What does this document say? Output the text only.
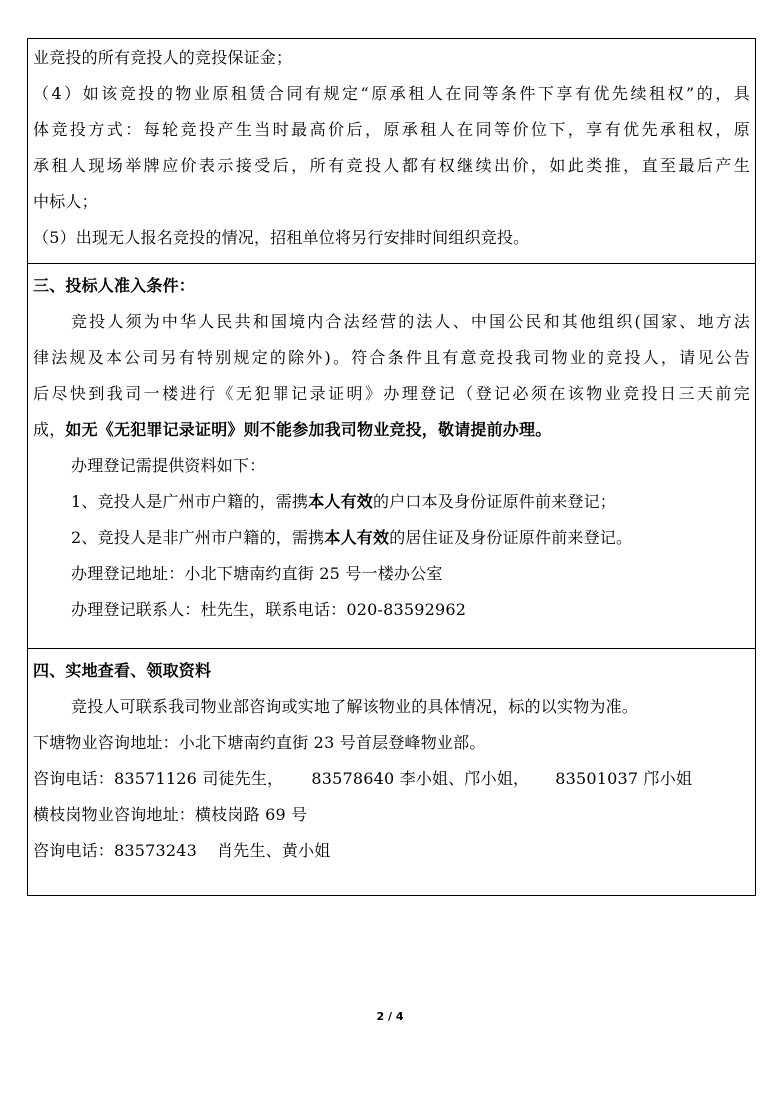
业竞投的所有竞投人的竞投保证金；
（4）如该竞投的物业原租赁合同有规定“原承租人在同等条件下享有优先续租权”的，具
体竞投方式：每轮竞投产生当时最高价后，原承租人在同等价位下，享有优先承租权，原
承租人现场举牌应价表示接受后，所有竞投人都有权继续出价，如此类推，直至最后产生
中标人；
（5）出现无人报名竞投的情况，招租单位将另行安排时间组织竞投。
三、投标人准入条件：
竞投人须为中华人民共和国境内合法经营的法人、中国公民和其他组织(国家、地方法
律法规及本公司另有特别规定的除外)。符合条件且有意竞投我司物业的竞投人，请见公告
后尽快到我司一楼进行《无犯罪记录证明》办理登记（登记必须在该物业竞投日三天前完
成，如无《无犯罪记录证明》则不能参加我司物业竞投，敬请提前办理。
办理登记需提供资料如下：
1、竞投人是广州市户籍的，需携本人有效的户口本及身份证原件前来登记；
2、竞投人是非广州市户籍的，需携本人有效的居住证及身份证原件前来登记。
办理登记地址：小北下塘南约直街 25 号一楼办公室
办理登记联系人：杜先生，联系电话：020-83592962
四、实地查看、领取资料
竞投人可联系我司物业部咨询或实地了解该物业的具体情况，标的以实物为准。
下塘物业咨询地址：小北下塘南约直街 23 号首层登峰物业部。
咨询电话：83571126 司徒先生， 83578640 李小姐、邝小姐， 83501037 邝小姐
横枝岗物业咨询地址：横枝岗路 69 号
咨询电话：83573243 肖先生、黄小姐
2 / 4
